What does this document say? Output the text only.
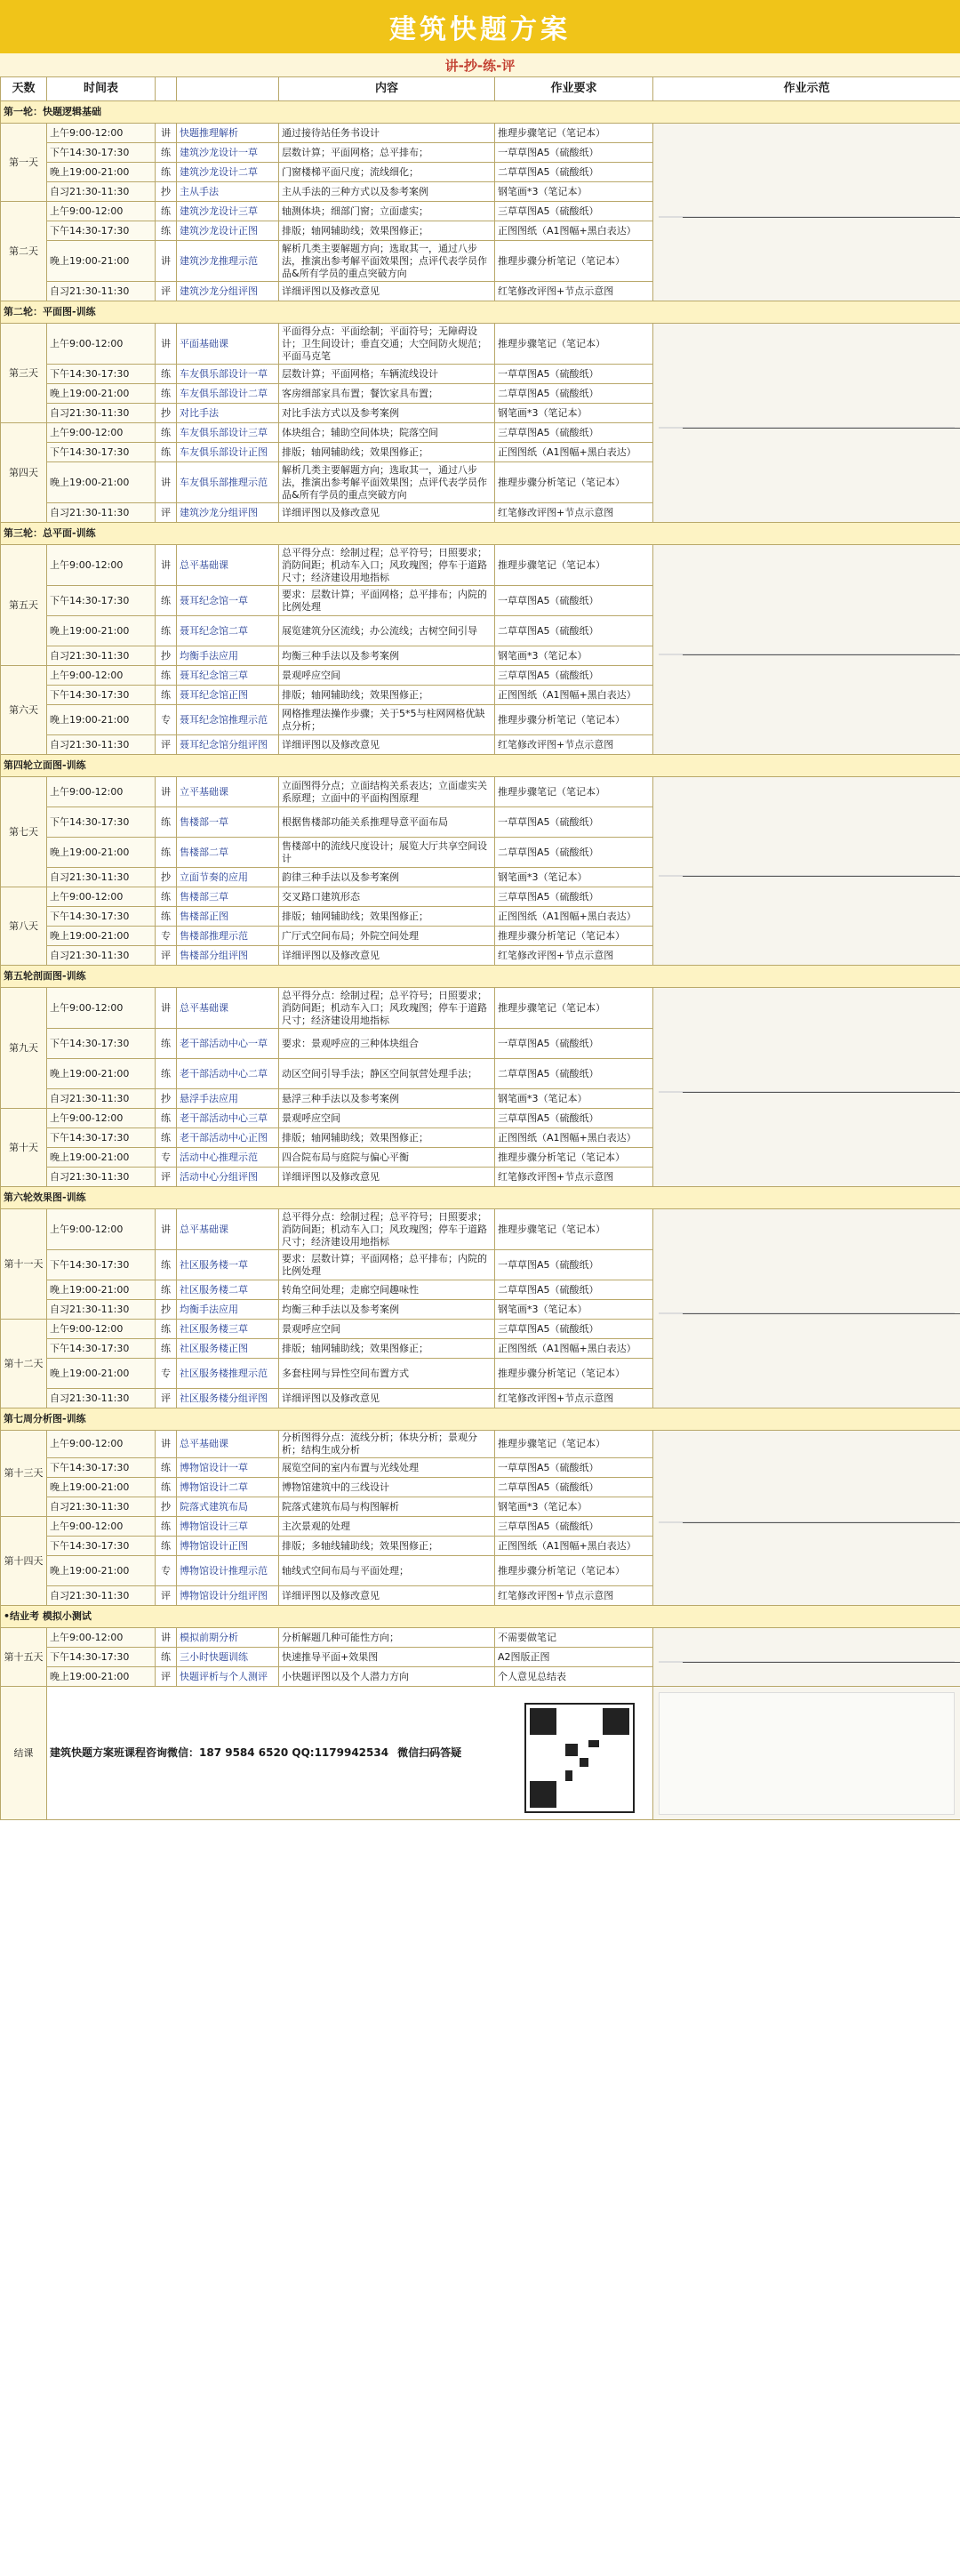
建筑快题方案
讲-抄-练-评
天数	时间表			内容	作业要求	作业示范
第一轮：快题逻辑基础						
第一天	上午9:00-12:00	讲	快题推理解析	通过接待站任务书设计	推理步骤笔记（笔记本）	

	下午14:30-17:30	练	建筑沙龙设计一草	层数计算；平面网格；总平排布；	一草草图A5（硫酸纸）	
	晚上19:00-21:00	练	建筑沙龙设计二草	门窗楼梯平面尺度；流线细化；	二草草图A5（硫酸纸）	
	自习21:30-11:30	抄	主从手法	主从手法的三种方式以及参考案例	钢笔画*3（笔记本）	
第二天	上午9:00-12:00	练	建筑沙龙设计三草	轴测体块；细部门窗；立面虚实；	三草草图A5（硫酸纸）	
	下午14:30-17:30	练	建筑沙龙设计正图	排版；轴网辅助线；效果图修正；	正图图纸（A1图幅+黑白表达）	
	晚上19:00-21:00	讲	建筑沙龙推理示范	解析几类主要解题方向；选取其一，通过八步法，推演出参考解平面效果图；点评代表学员作品&所有学员的重点突破方向	推理步骤分析笔记（笔记本）	
	自习21:30-11:30	评	建筑沙龙分组评图	详细评图以及修改意见	红笔修改评图+节点示意图	
第二轮：平面图-训练						
第三天	上午9:00-12:00	讲	平面基础课	平面得分点：平面绘制；平面符号；无障碍设计；卫生间设计；垂直交通；大空间防火规范；平面马克笔	推理步骤笔记（笔记本）	

	下午14:30-17:30	练	车友俱乐部设计一草	层数计算；平面网格；车辆流线设计	一草草图A5（硫酸纸）	
	晚上19:00-21:00	练	车友俱乐部设计二草	客房细部家具布置；餐饮家具布置；	二草草图A5（硫酸纸）	
	自习21:30-11:30	抄	对比手法	对比手法方式以及参考案例	钢笔画*3（笔记本）	
第四天	上午9:00-12:00	练	车友俱乐部设计三草	体块组合；辅助空间体块；院落空间	三草草图A5（硫酸纸）	
	下午14:30-17:30	练	车友俱乐部设计正图	排版；轴网辅助线；效果图修正；	正图图纸（A1图幅+黑白表达）	
	晚上19:00-21:00	讲	车友俱乐部推理示范	解析几类主要解题方向；选取其一，通过八步法，推演出参考解平面效果图；点评代表学员作品&所有学员的重点突破方向	推理步骤分析笔记（笔记本）	
	自习21:30-11:30	评	建筑沙龙分组评图	详细评图以及修改意见	红笔修改评图+节点示意图	
第三轮：总平面-训练						
第五天	上午9:00-12:00	讲	总平基础课	总平得分点：绘制过程；总平符号；日照要求；消防间距；机动车入口；风玫瑰图；停车于道路尺寸；经济建设用地指标	推理步骤笔记（笔记本）	

	下午14:30-17:30	练	聂耳纪念馆一草	要求：层数计算；平面网格；总平排布；内院的比例处理	一草草图A5（硫酸纸）	
	晚上19:00-21:00	练	聂耳纪念馆二草	展览建筑分区流线；办公流线；古树空间引导	二草草图A5（硫酸纸）	
	自习21:30-11:30	抄	均衡手法应用	均衡三种手法以及参考案例	钢笔画*3（笔记本）	
第六天	上午9:00-12:00	练	聂耳纪念馆三草	景观呼应空间	三草草图A5（硫酸纸）	
	下午14:30-17:30	练	聂耳纪念馆正图	排版；轴网辅助线；效果图修正；	正图图纸（A1图幅+黑白表达）	
	晚上19:00-21:00	专	聂耳纪念馆推理示范	网格推理法操作步骤；关于5*5与柱网网格优缺点分析；	推理步骤分析笔记（笔记本）	
	自习21:30-11:30	评	聂耳纪念馆分组评图	详细评图以及修改意见	红笔修改评图+节点示意图	
第四轮立面图-训练						
第七天	上午9:00-12:00	讲	立平基础课	立面图得分点；立面结构关系表达；立面虚实关系原理；立面中的平面构图原理	推理步骤笔记（笔记本）	

	下午14:30-17:30	练	售楼部一草	根据售楼部功能关系推理导意平面布局	一草草图A5（硫酸纸）	
	晚上19:00-21:00	练	售楼部二草	售楼部中的流线尺度设计；展览大厅共享空间设计	二草草图A5（硫酸纸）	
	自习21:30-11:30	抄	立面节奏的应用	韵律三种手法以及参考案例	钢笔画*3（笔记本）	
第八天	上午9:00-12:00	练	售楼部三草	交叉路口建筑形态	三草草图A5（硫酸纸）	
	下午14:30-17:30	练	售楼部正图	排版；轴网辅助线；效果图修正；	正图图纸（A1图幅+黑白表达）	
	晚上19:00-21:00	专	售楼部推理示范	广厅式空间布局；外院空间处理	推理步骤分析笔记（笔记本）	
	自习21:30-11:30	评	售楼部分组评图	详细评图以及修改意见	红笔修改评图+节点示意图	
第五轮剖面图-训练						
第九天	上午9:00-12:00	讲	总平基础课	总平得分点：绘制过程；总平符号；日照要求；消防间距；机动车入口；风玫瑰图；停车于道路尺寸；经济建设用地指标	推理步骤笔记（笔记本）	

	下午14:30-17:30	练	老干部活动中心一草	要求：景观呼应的三种体块组合	一草草图A5（硫酸纸）	
	晚上19:00-21:00	练	老干部活动中心二草	动区空间引导手法；静区空间氛营处理手法；	二草草图A5（硫酸纸）	
	自习21:30-11:30	抄	悬浮手法应用	悬浮三种手法以及参考案例	钢笔画*3（笔记本）	
第十天	上午9:00-12:00	练	老干部活动中心三草	景观呼应空间	三草草图A5（硫酸纸）	
	下午14:30-17:30	练	老干部活动中心正图	排版；轴网辅助线；效果图修正；	正图图纸（A1图幅+黑白表达）	
	晚上19:00-21:00	专	活动中心推理示范	四合院布局与庭院与偏心平衡	推理步骤分析笔记（笔记本）	
	自习21:30-11:30	评	活动中心分组评图	详细评图以及修改意见	红笔修改评图+节点示意图	
第六轮效果图-训练						
第十一天	上午9:00-12:00	讲	总平基础课	总平得分点：绘制过程；总平符号；日照要求；消防间距；机动车入口；风玫瑰图；停车于道路尺寸；经济建设用地指标	推理步骤笔记（笔记本）	

	下午14:30-17:30	练	社区服务楼一草	要求：层数计算；平面网格；总平排布；内院的比例处理	一草草图A5（硫酸纸）	
	晚上19:00-21:00	练	社区服务楼二草	转角空间处理；走廊空间趣味性	二草草图A5（硫酸纸）	
	自习21:30-11:30	抄	均衡手法应用	均衡三种手法以及参考案例	钢笔画*3（笔记本）	
第十二天	上午9:00-12:00	练	社区服务楼三草	景观呼应空间	三草草图A5（硫酸纸）	
	下午14:30-17:30	练	社区服务楼正图	排版；轴网辅助线；效果图修正；	正图图纸（A1图幅+黑白表达）	
	晚上19:00-21:00	专	社区服务楼推理示范	多套柱网与异性空间布置方式	推理步骤分析笔记（笔记本）	
	自习21:30-11:30	评	社区服务楼分组评图	详细评图以及修改意见	红笔修改评图+节点示意图	
第七周分析图-训练						
第十三天	上午9:00-12:00	讲	总平基础课	分析图得分点：流线分析；体块分析；景观分析；结构生成分析	推理步骤笔记（笔记本）	

	下午14:30-17:30	练	博物馆设计一草	展览空间的室内布置与光线处理	一草草图A5（硫酸纸）	
	晚上19:00-21:00	练	博物馆设计二草	博物馆建筑中的三线设计	二草草图A5（硫酸纸）	
	自习21:30-11:30	抄	院落式建筑布局	院落式建筑布局与构图解析	钢笔画*3（笔记本）	
第十四天	上午9:00-12:00	练	博物馆设计三草	主次景观的处理	三草草图A5（硫酸纸）	
	下午14:30-17:30	练	博物馆设计正图	排版；多轴线辅助线；效果图修正；	正图图纸（A1图幅+黑白表达）	
	晚上19:00-21:00	专	博物馆设计推理示范	轴线式空间布局与平面处理；	推理步骤分析笔记（笔记本）	
	自习21:30-11:30	评	博物馆设计分组评图	详细评图以及修改意见	红笔修改评图+节点示意图	
•结业考 模拟小测试						
第十五天	上午9:00-12:00	讲	模拟前期分析	分析解题几种可能性方向；	不需要做笔记	

	下午14:30-17:30	练	三小时快题训练	快速推导平面+效果图	A2图版正图	
	晚上19:00-21:00	评	快题评析与个人测评	小快题评图以及个人潜力方向	个人意见总结表	
结课	建筑快题方案班课程咨询微信：187 9584 6520 QQ:1179942534 微信扫码答疑				
